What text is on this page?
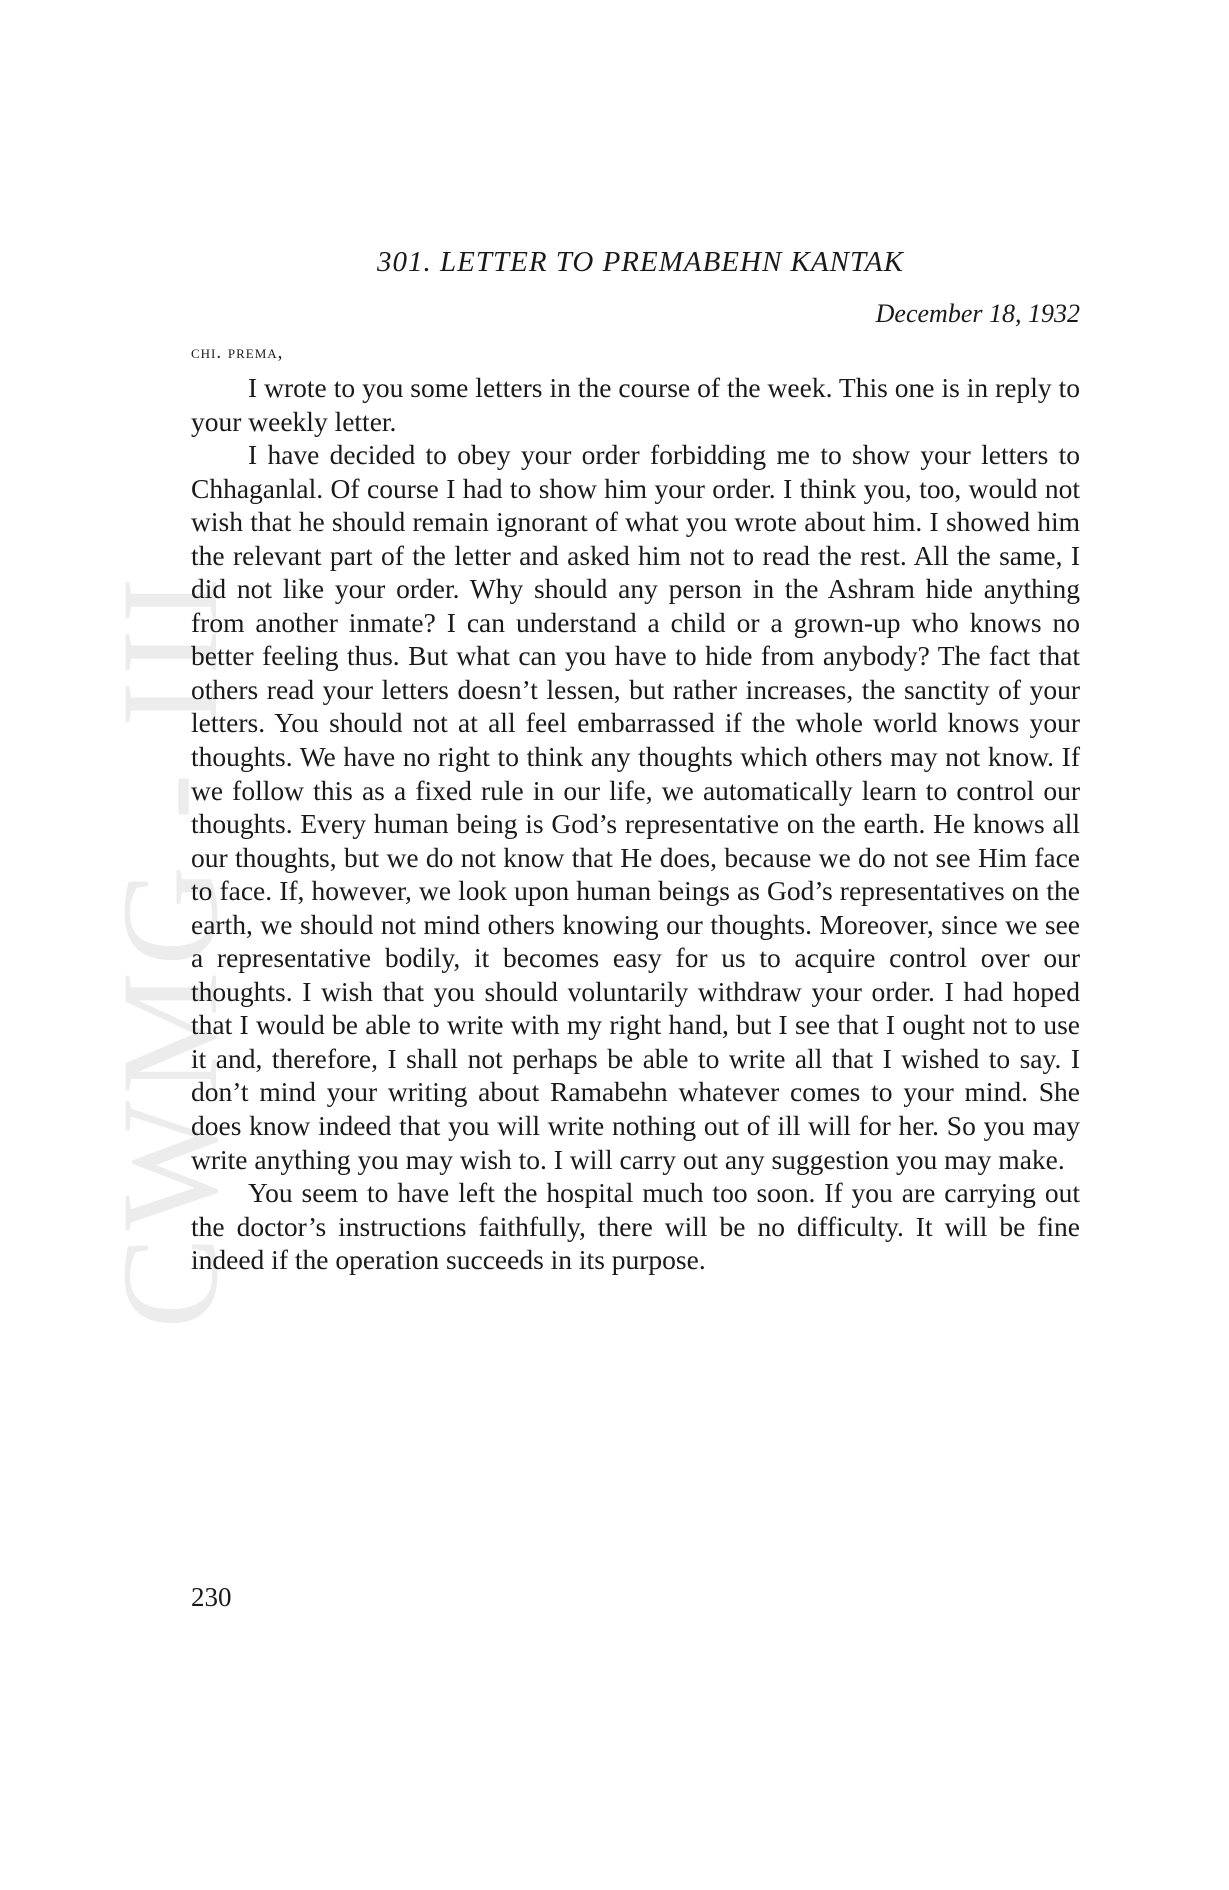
CWMG - III
301. LETTER TO PREMABEHN KANTAK
December 18, 1932
chi. prema,

I wrote to you some letters in the course of the week. This one is in reply to your weekly letter.

I have decided to obey your order forbidding me to show your letters to Chhaganlal. Of course I had to show him your order. I think you, too, would not wish that he should remain ignorant of what you wrote about him. I showed him the relevant part of the letter and asked him not to read the rest. All the same, I did not like your order. Why should any person in the Ashram hide anything from another inmate? I can understand a child or a grown-up who knows no better feeling thus. But what can you have to hide from anybody? The fact that others read your letters doesn’t lessen, but rather increases, the sanctity of your letters. You should not at all feel embarrassed if the whole world knows your thoughts. We have no right to think any thoughts which others may not know. If we follow this as a fixed rule in our life, we automatically learn to control our thoughts. Every human being is God’s representative on the earth. He knows all our thoughts, but we do not know that He does, because we do not see Him face to face. If, however, we look upon human beings as God’s representatives on the earth, we should not mind others knowing our thoughts. Moreover, since we see a representative bodily, it becomes easy for us to acquire control over our thoughts. I wish that you should voluntarily withdraw your order. I had hoped that I would be able to write with my right hand, but I see that I ought not to use it and, therefore, I shall not perhaps be able to write all that I wished to say. I don’t mind your writing about Ramabehn whatever comes to your mind. She does know indeed that you will write nothing out of ill will for her. So you may write anything you may wish to. I will carry out any suggestion you may make.

You seem to have left the hospital much too soon. If you are carrying out the doctor’s instructions faithfully, there will be no difficulty. It will be fine indeed if the operation succeeds in its purpose.

230
